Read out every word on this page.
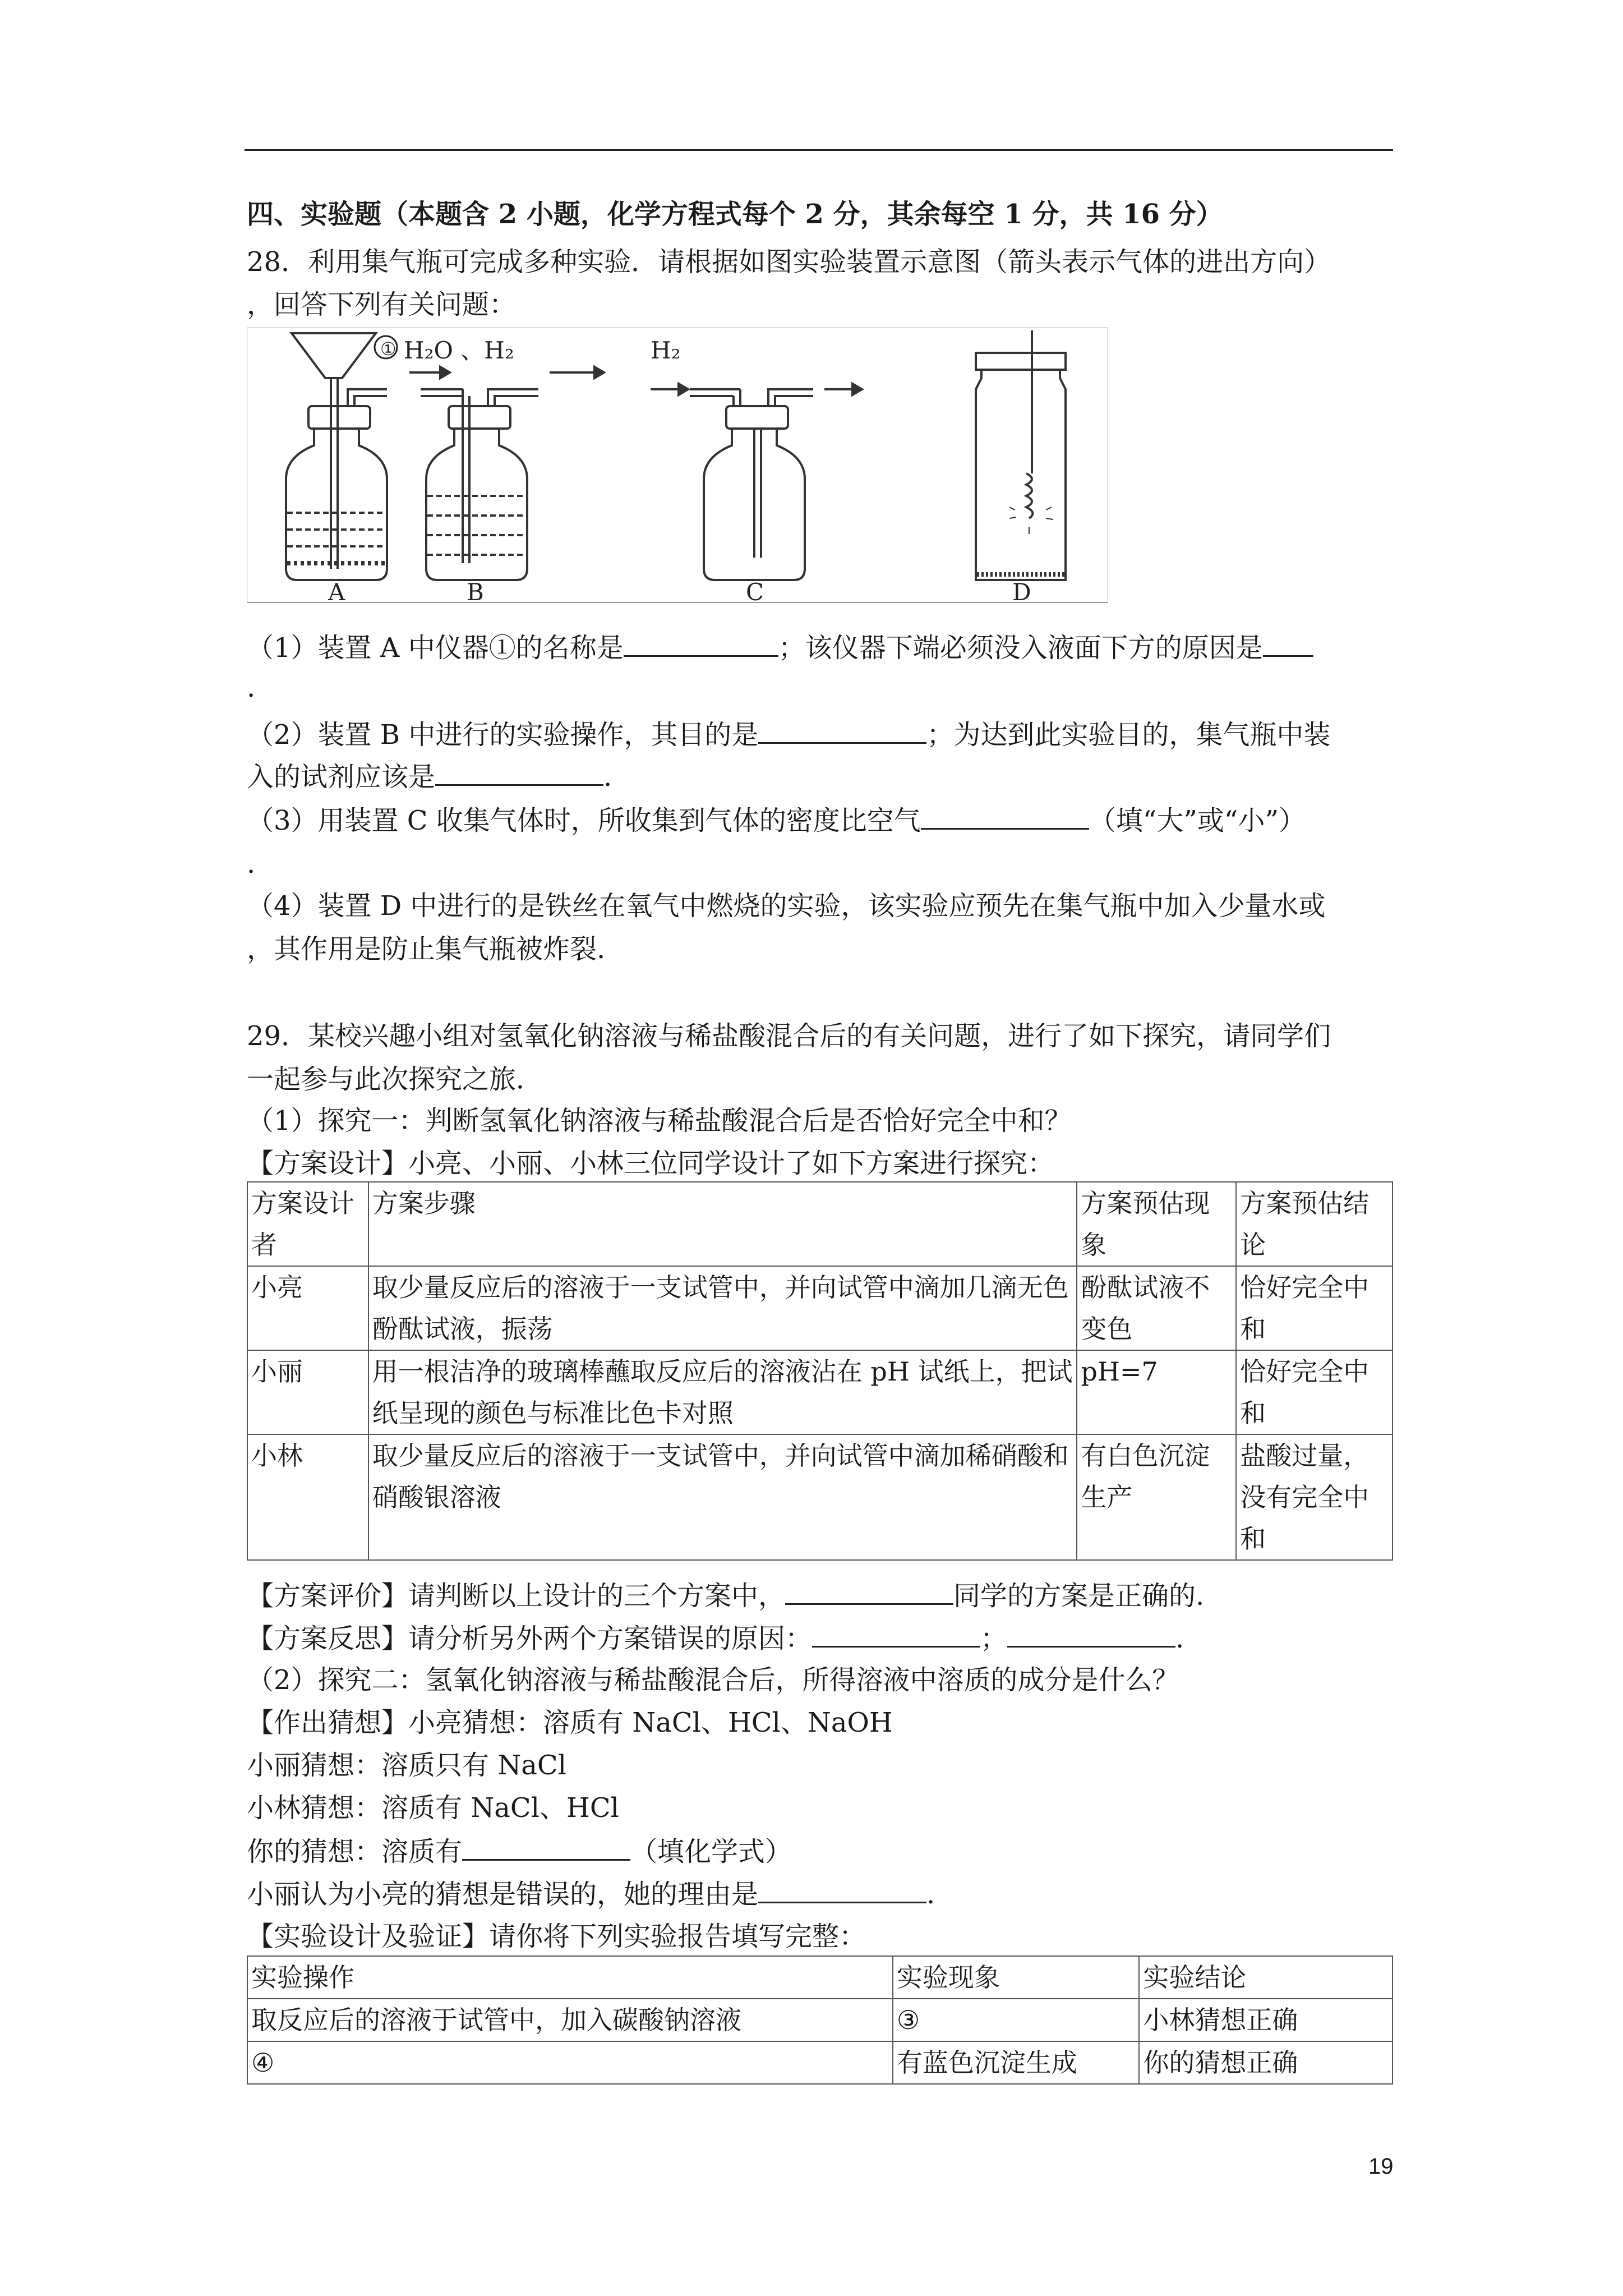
四、实验题（本题含 2 小题，化学方程式每个 2 分，其余每空 1 分，共 16 分）
28．利用集气瓶可完成多种实验．请根据如图实验装置示意图（箭头表示气体的进出方向）
，回答下列有关问题：
① H₂O 、H₂	H₂
A	B	C	D
（1）装置 A 中仪器①的名称是	；该仪器下端必须没入液面下方的原因是
.
（2）装置 B 中进行的实验操作，其目的是	；为达到此实验目的，集气瓶中装
入的试剂应该是	.
（3）用装置 C 收集气体时，所收集到气体的密度比空气	（填“大”或“小”）
.
（4）装置 D 中进行的是铁丝在氧气中燃烧的实验，该实验应预先在集气瓶中加入少量水或
，其作用是防止集气瓶被炸裂.
29．某校兴趣小组对氢氧化钠溶液与稀盐酸混合后的有关问题，进行了如下探究，请同学们
一起参与此次探究之旅．
（1）探究一：判断氢氧化钠溶液与稀盐酸混合后是否恰好完全中和？
【方案设计】小亮、小丽、小林三位同学设计了如下方案进行探究：
方案设计者	方案步骤	方案预估现象	方案预估结论
小亮	取少量反应后的溶液于一支试管中，并向试管中滴加几滴无色酚酞试液，振荡	酚酞试液不变色	恰好完全中和
小丽	用一根洁净的玻璃棒蘸取反应后的溶液沾在 pH 试纸上，把试纸呈现的颜色与标准比色卡对照	pH=7	恰好完全中和
小林	取少量反应后的溶液于一支试管中，并向试管中滴加稀硝酸和硝酸银溶液	有白色沉淀生产	盐酸过量，没有完全中和
【方案评价】请判断以上设计的三个方案中，	同学的方案是正确的.
【方案反思】请分析另外两个方案错误的原因：	；	.
（2）探究二：氢氧化钠溶液与稀盐酸混合后，所得溶液中溶质的成分是什么？
【作出猜想】小亮猜想：溶质有 NaCl、HCl、NaOH
小丽猜想：溶质只有 NaCl
小林猜想：溶质有 NaCl、HCl
你的猜想：溶质有	（填化学式）
小丽认为小亮的猜想是错误的，她的理由是	.
【实验设计及验证】请你将下列实验报告填写完整：
实验操作	实验现象	实验结论
取反应后的溶液于试管中，加入碳酸钠溶液	③	小林猜想正确
④	有蓝色沉淀生成	你的猜想正确
19
